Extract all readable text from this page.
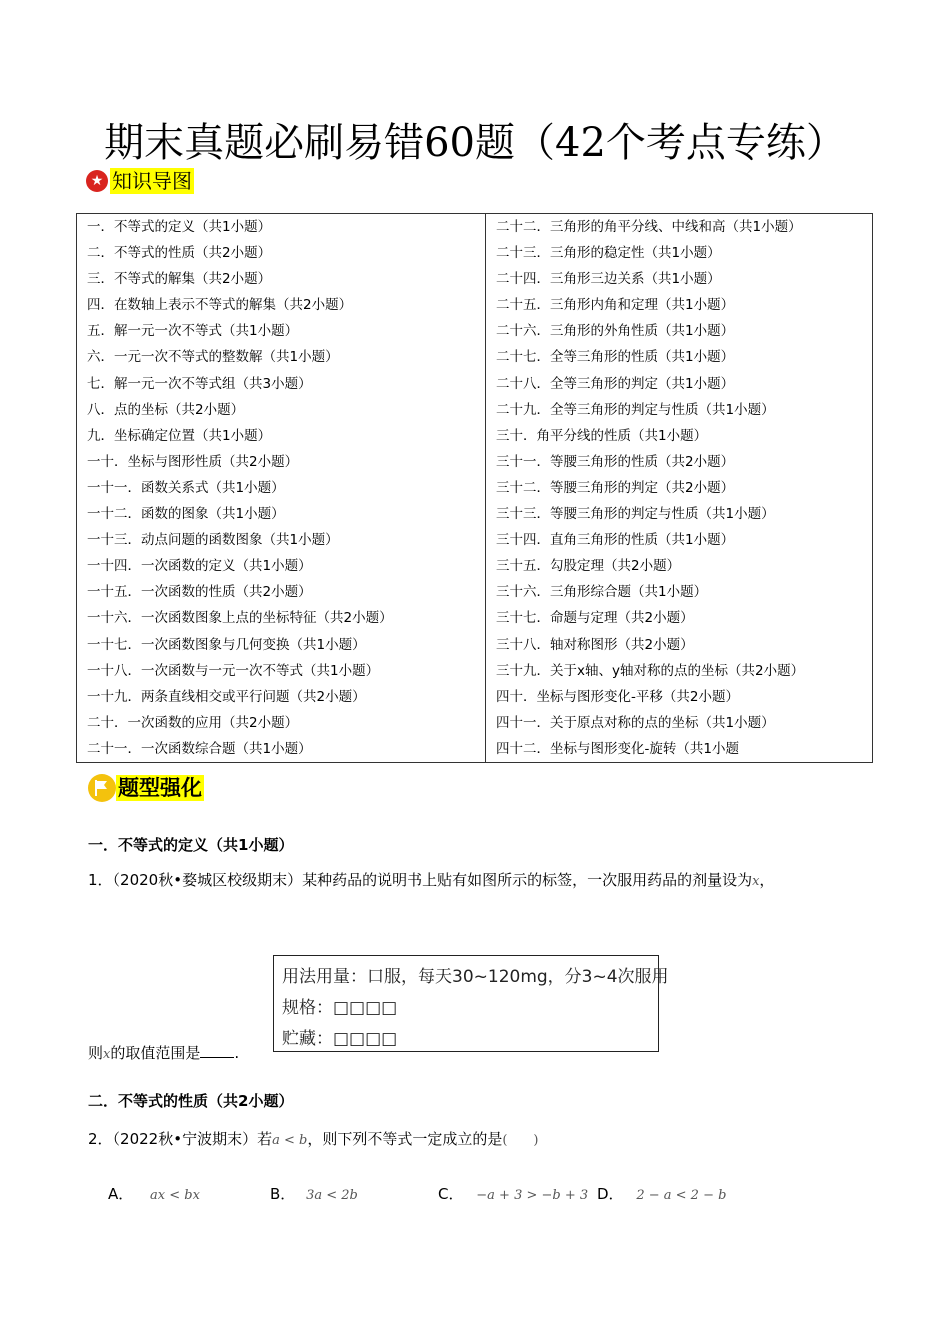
期末真题必刷易错60题（42个考点专练）
★ 知识导图
一．不等式的定义（共1小题）
二．不等式的性质（共2小题）
三．不等式的解集（共2小题）
四．在数轴上表示不等式的解集（共2小题）
五．解一元一次不等式（共1小题）
六．一元一次不等式的整数解（共1小题）
七．解一元一次不等式组（共3小题）
八．点的坐标（共2小题）
九．坐标确定位置（共1小题）
一十．坐标与图形性质（共2小题）
一十一．函数关系式（共1小题）
一十二．函数的图象（共1小题）
一十三．动点问题的函数图象（共1小题）
一十四．一次函数的定义（共1小题）
一十五．一次函数的性质（共2小题）
一十六．一次函数图象上点的坐标特征（共2小题）
一十七．一次函数图象与几何变换（共1小题）
一十八．一次函数与一元一次不等式（共1小题）
一十九．两条直线相交或平行问题（共2小题）
二十．一次函数的应用（共2小题）
二十一．一次函数综合题（共1小题）

二十二．三角形的角平分线、中线和高（共1小题）
二十三．三角形的稳定性（共1小题）
二十四．三角形三边关系（共1小题）
二十五．三角形内角和定理（共1小题）
二十六．三角形的外角性质（共1小题）
二十七．全等三角形的性质（共1小题）
二十八．全等三角形的判定（共1小题）
二十九．全等三角形的判定与性质（共1小题）
三十．角平分线的性质（共1小题）
三十一．等腰三角形的性质（共2小题）
三十二．等腰三角形的判定（共2小题）
三十三．等腰三角形的判定与性质（共1小题）
三十四．直角三角形的性质（共1小题）
三十五．勾股定理（共2小题）
三十六．三角形综合题（共1小题）
三十七．命题与定理（共2小题）
三十八．轴对称图形（共2小题）
三十九．关于x轴、y轴对称的点的坐标（共2小题）
四十．坐标与图形变化-平移（共2小题）
四十一．关于原点对称的点的坐标（共1小题）
四十二．坐标与图形变化-旋转（共1小题
题型强化
一．不等式的定义（共1小题）
1．（2020秋•婺城区校级期末）某种药品的说明书上贴有如图所示的标签，一次服用药品的剂量设为x，
用法用量：口服，每天30~120mg，分3~4次服用
规格：□□□□
贮藏：□□□□
则x的取值范围是 .
二．不等式的性质（共2小题）
2．（2022秋•宁波期末）若a < b，则下列不等式一定成立的是(　　)
A． ax < bx	B． 3a < 2b	C． −a + 3 > −b + 3 D． 2 − a < 2 − b
